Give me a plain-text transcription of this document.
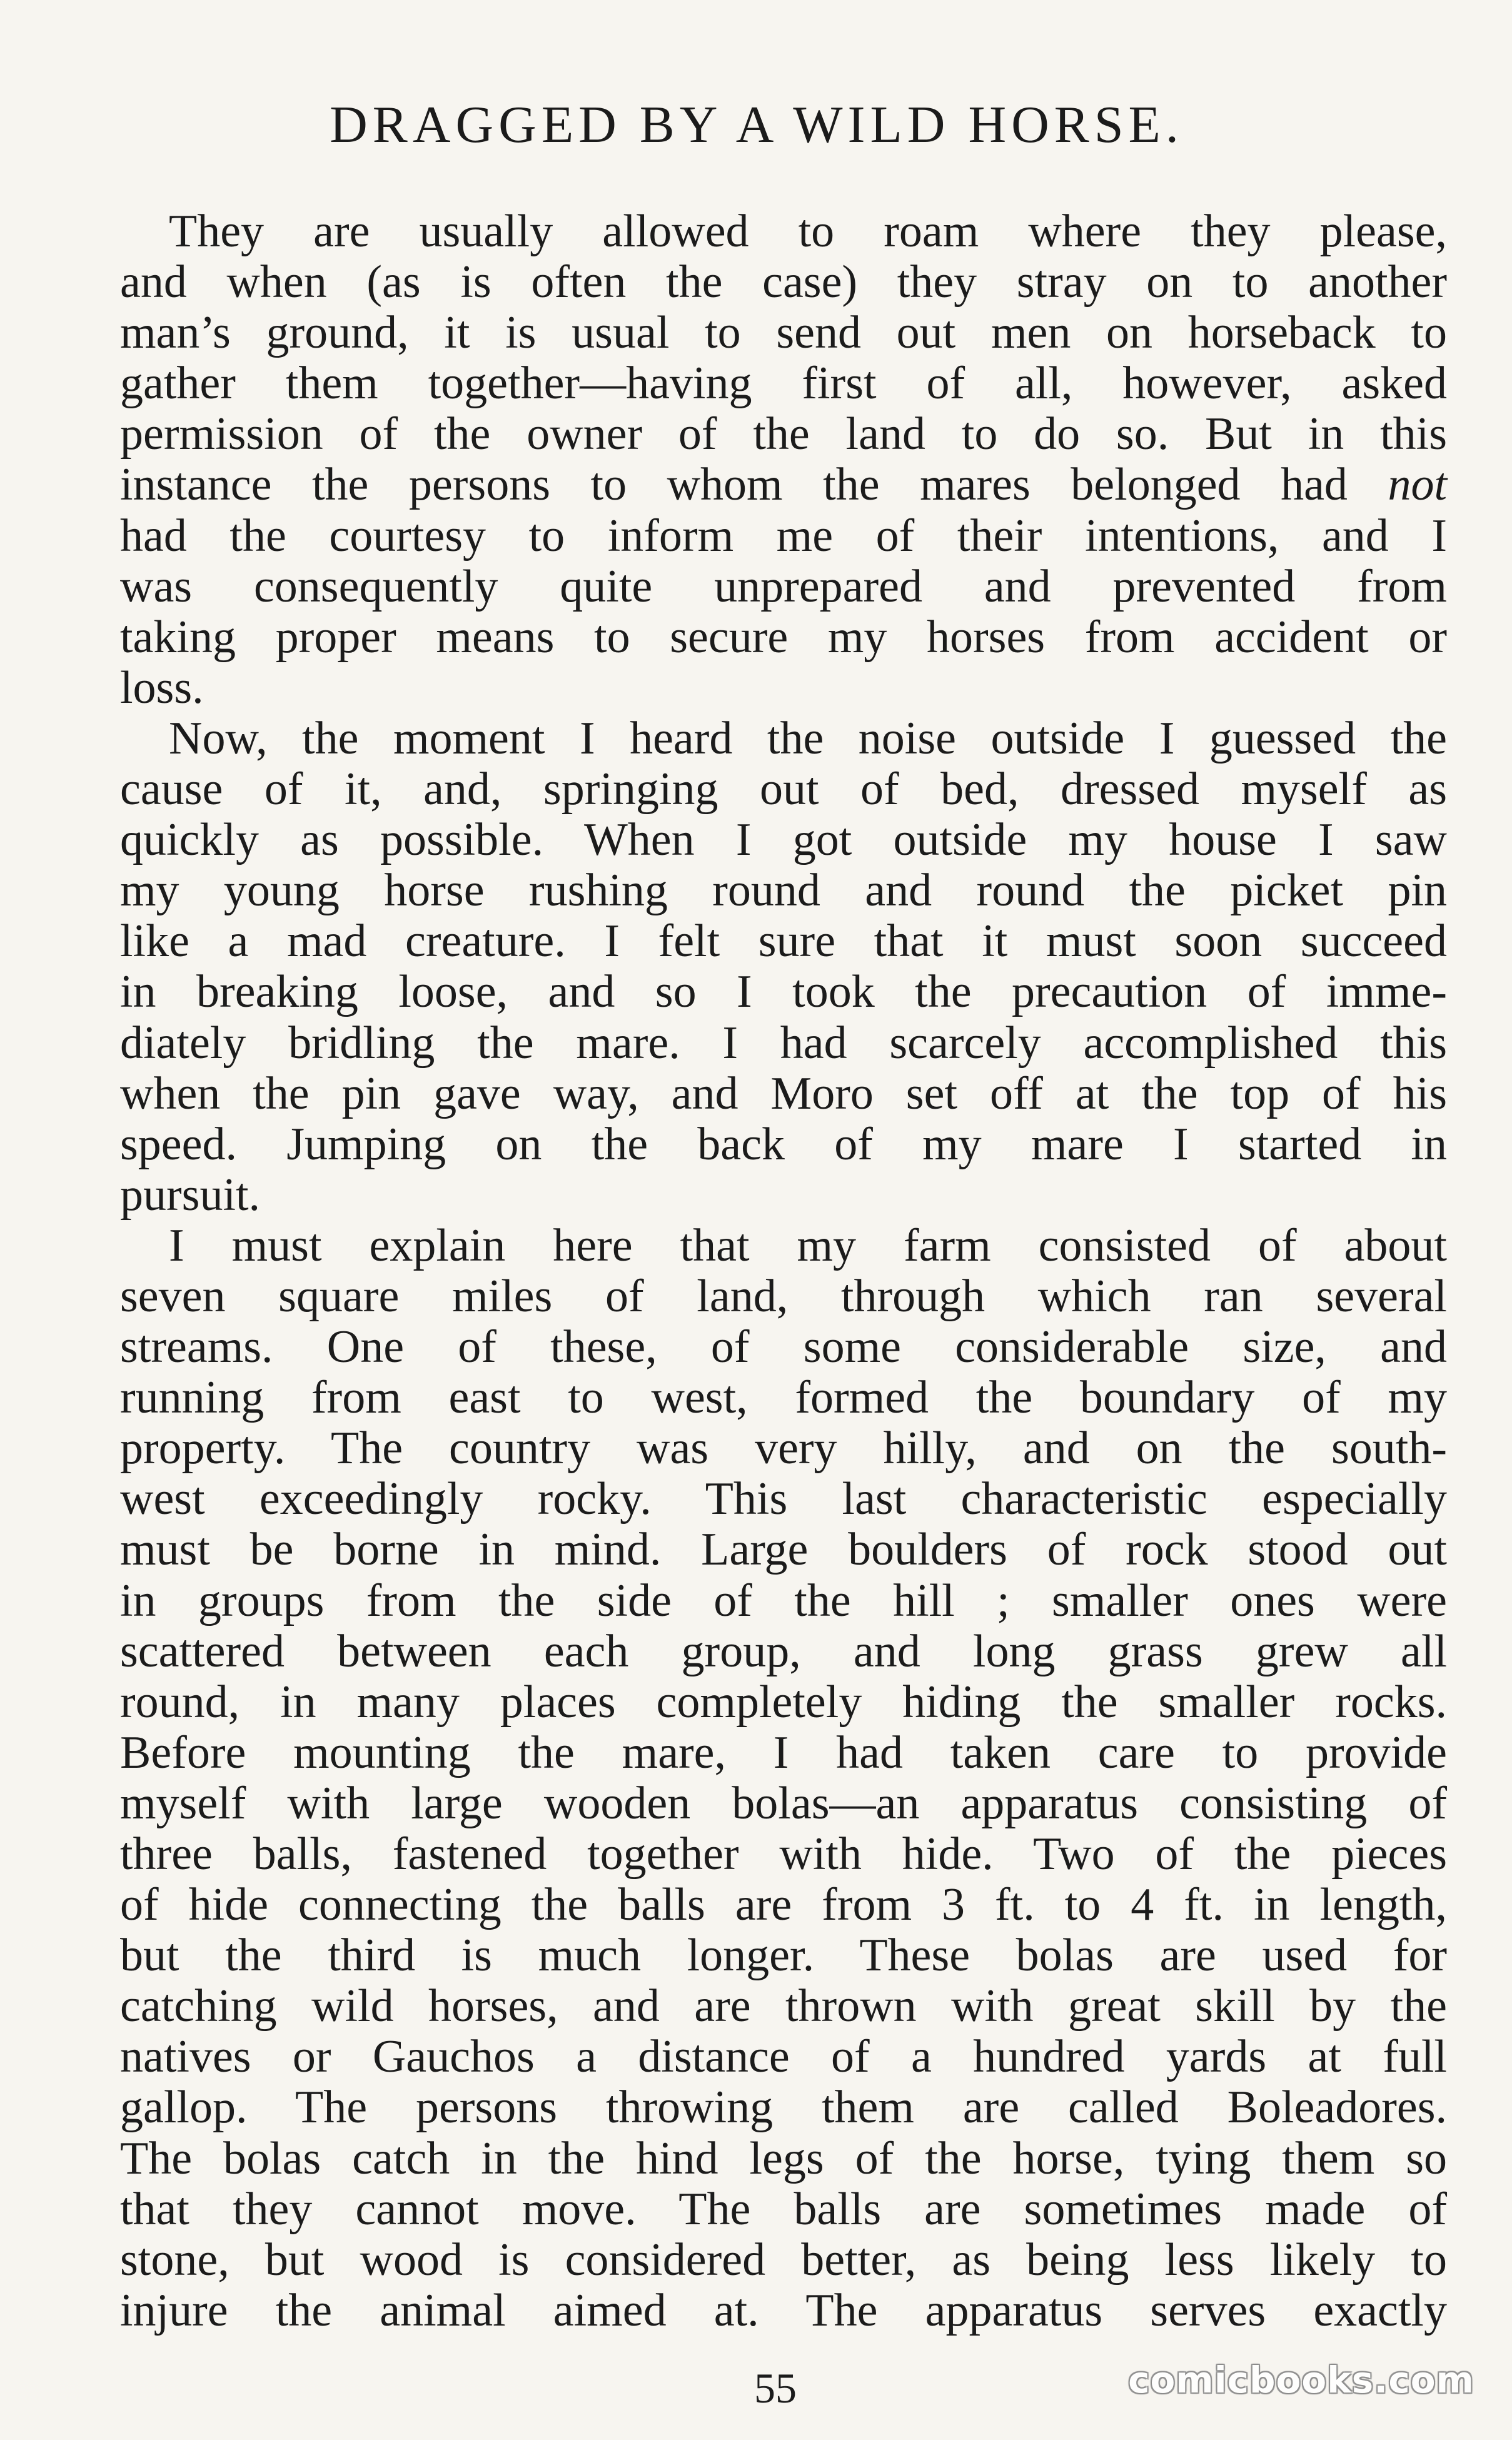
DRAGGED BY A WILD HORSE.
They are usually allowed to roam where they please,
and when (as is often the case) they stray on to another
man’s ground, it is usual to send out men on horseback to
gather them together—having first of all, however, asked
permission of the owner of the land to do so. But in this
instance the persons to whom the mares belonged had not
had the courtesy to inform me of their intentions, and I
was consequently quite unprepared and prevented from
taking proper means to secure my horses from accident or
loss.
Now, the moment I heard the noise outside I guessed the
cause of it, and, springing out of bed, dressed myself as
quickly as possible. When I got outside my house I saw
my young horse rushing round and round the picket pin
like a mad creature. I felt sure that it must soon succeed
in breaking loose, and so I took the precaution of imme-
diately bridling the mare. I had scarcely accomplished this
when the pin gave way, and Moro set off at the top of his
speed. Jumping on the back of my mare I started in
pursuit.
I must explain here that my farm consisted of about
seven square miles of land, through which ran several
streams. One of these, of some considerable size, and
running from east to west, formed the boundary of my
property. The country was very hilly, and on the south-
west exceedingly rocky. This last characteristic especially
must be borne in mind. Large boulders of rock stood out
in groups from the side of the hill ; smaller ones were
scattered between each group, and long grass grew all
round, in many places completely hiding the smaller rocks.
Before mounting the mare, I had taken care to provide
myself with large wooden bolas—an apparatus consisting of
three balls, fastened together with hide. Two of the pieces
of hide connecting the balls are from 3 ft. to 4 ft. in length,
but the third is much longer. These bolas are used for
catching wild horses, and are thrown with great skill by the
natives or Gauchos a distance of a hundred yards at full
gallop. The persons throwing them are called Boleadores.
The bolas catch in the hind legs of the horse, tying them so
that they cannot move. The balls are sometimes made of
stone, but wood is considered better, as being less likely to
injure the animal aimed at. The apparatus serves exactly
55	comicbooks.com
